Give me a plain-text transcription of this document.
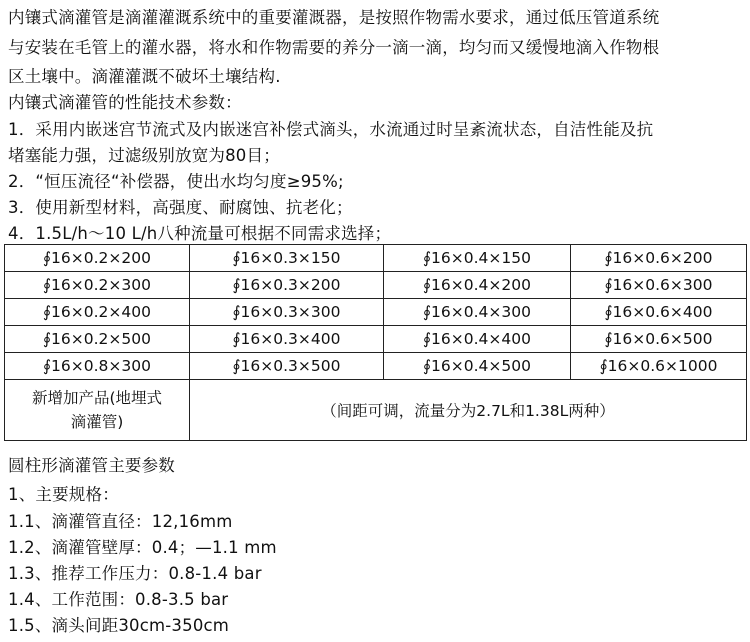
内镶式滴灌管是滴灌灌溉系统中的重要灌溉器，是按照作物需水要求，通过低压管道系统
与安装在毛管上的灌水器，将水和作物需要的养分一滴一滴，均匀而又缓慢地滴入作物根
区土壤中。滴灌灌溉不破坏土壤结构.
内镶式滴灌管的性能技术参数：
1．采用内嵌迷宫节流式及内嵌迷宫补偿式滴头，水流通过时呈紊流状态，自洁性能及抗
堵塞能力强，过滤级别放宽为80目；
2．“恒压流径“补偿器，使出水均匀度≥95%;
3．使用新型材料，高强度、耐腐蚀、抗老化；
4．1.5L/h～10 L/h八种流量可根据不同需求选择；
∮16×0.2×200	∮16×0.3×150	∮16×0.4×150	∮16×0.6×200
∮16×0.2×300	∮16×0.3×200	∮16×0.4×200	∮16×0.6×300
∮16×0.2×400	∮16×0.3×300	∮16×0.4×300	∮16×0.6×400
∮16×0.2×500	∮16×0.3×400	∮16×0.4×400	∮16×0.6×500
∮16×0.8×300	∮16×0.3×500	∮16×0.4×500	∮16×0.6×1000

新增加产品(地埋式
滴灌管)	（间距可调，流量分为2.7L和1.38L两种）		
圆柱形滴灌管主要参数
1、主要规格：
1.1、滴灌管直径：12,16mm
1.2、滴灌管壁厚：0.4；—1.1 mm
1.3、推荐工作压力：0.8-1.4 bar
1.4、工作范围：0.8-3.5 bar
1.5、滴头间距30cm-350cm
